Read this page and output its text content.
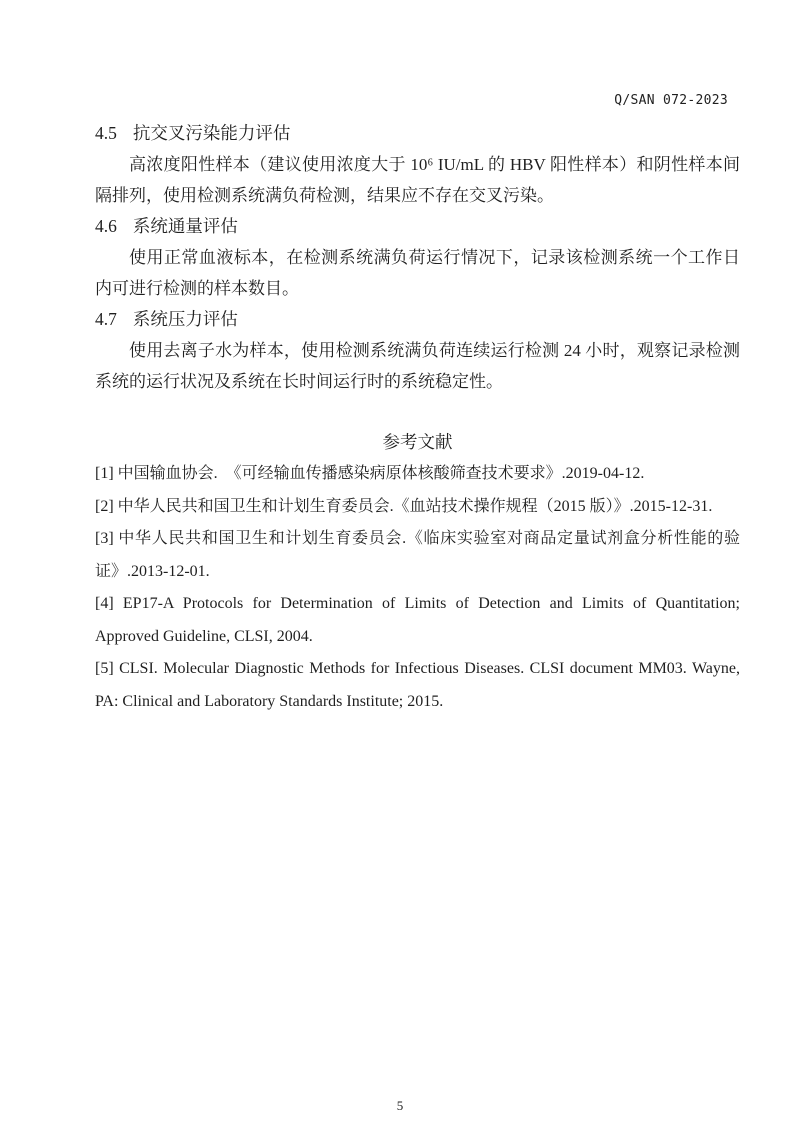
Q/SAN 072-2023

4.5 抗交叉污染能力评估

高浓度阳性样本（建议使用浓度大于 10⁶ IU/mL 的 HBV 阳性样本）和阴性样本间隔排列，使用检测系统满负荷检测，结果应不存在交叉污染。

4.6 系统通量评估

使用正常血液标本，在检测系统满负荷运行情况下，记录该检测系统一个工作日内可进行检测的样本数目。

4.7 系统压力评估

使用去离子水为样本，使用检测系统满负荷连续运行检测 24 小时，观察记录检测系统的运行状况及系统在长时间运行时的系统稳定性。

参考文献

[1] 中国输血协会.　《可经输血传播感染病原体核酸筛查技术要求》.2019-04-12.

[2] 中华人民共和国卫生和计划生育委员会.《血站技术操作规程（2015 版）》.2015-12-31.

[3] 中华人民共和国卫生和计划生育委员会.《临床实验室对商品定量试剂盒分析性能的验证》.2013-12-01.

[4] EP17-A Protocols for Determination of Limits of Detection and Limits of Quantitation; Approved Guideline, CLSI, 2004.

[5] CLSI. Molecular Diagnostic Methods for Infectious Diseases. CLSI document MM03. Wayne, PA: Clinical and Laboratory Standards Institute; 2015.

5
